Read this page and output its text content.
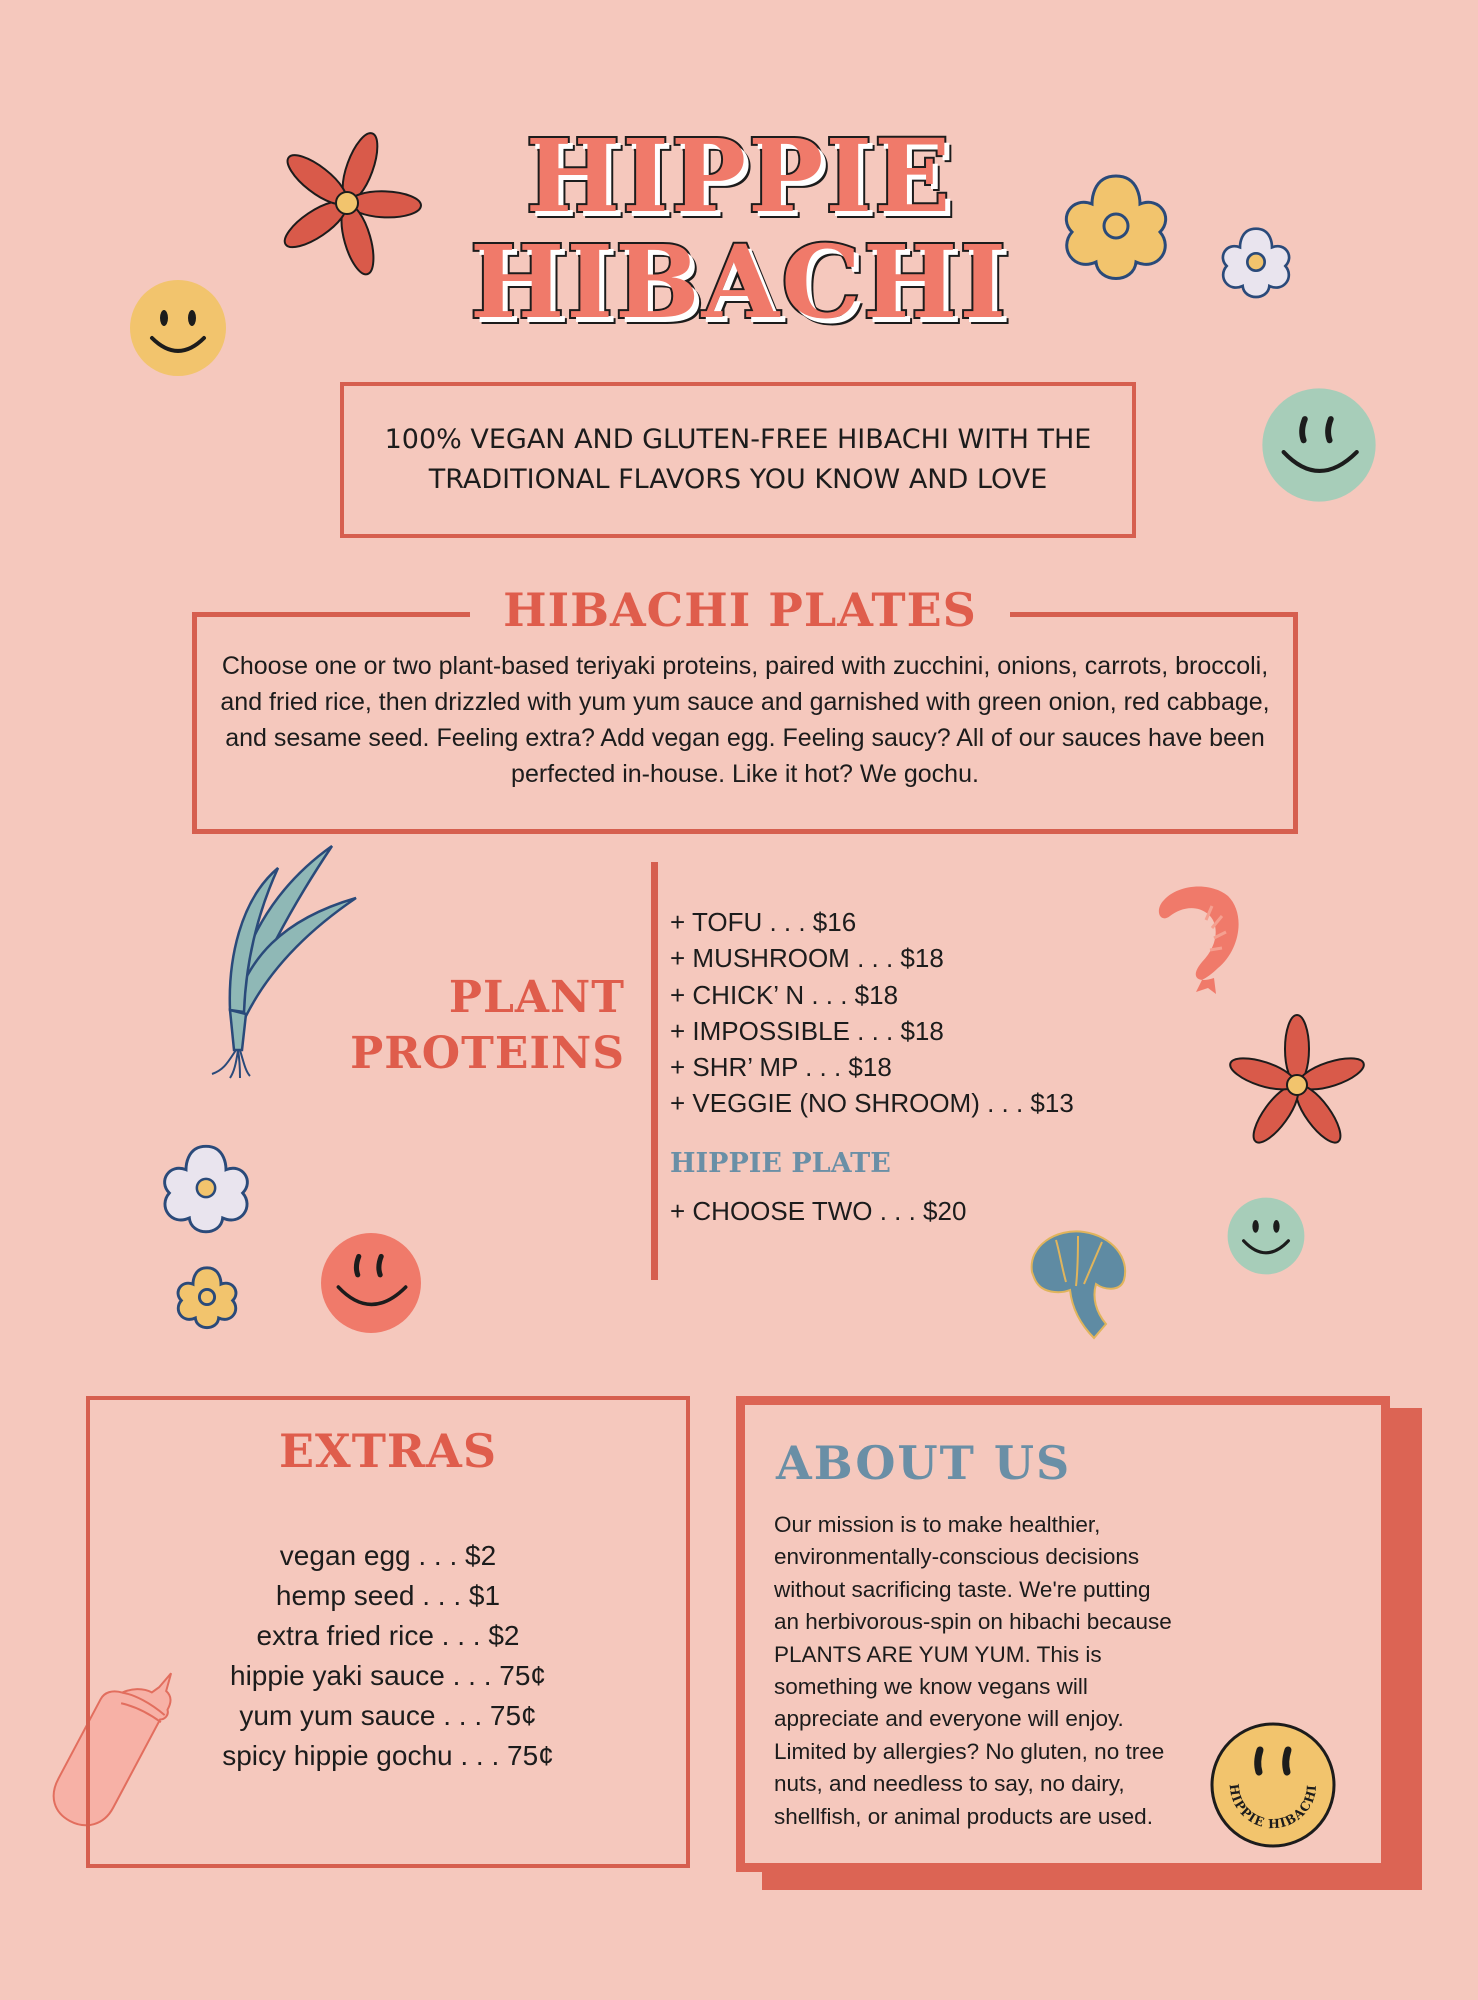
HIPPIE
HIBACHI
100% VEGAN AND GLUTEN-FREE HIBACHI WITH THE TRADITIONAL FLAVORS YOU KNOW AND LOVE
HIBACHI PLATES
Choose one or two plant-based teriyaki proteins, paired with zucchini, onions, carrots, broccoli, and fried rice, then drizzled with yum yum sauce and garnished with green onion, red cabbage, and sesame seed. Feeling extra? Add vegan egg. Feeling saucy? All of our sauces have been perfected in-house. Like it hot? We gochu.
PLANT
PROTEINS
+ TOFU . . . $16
+ MUSHROOM . . . $18
+ CHICK’ N . . . $18
+ IMPOSSIBLE . . . $18
+ SHR’ MP . . . $18
+ VEGGIE (NO SHROOM) . . . $13
HIPPIE PLATE
+ CHOOSE TWO . . . $20
EXTRAS
vegan egg . . . $2
hemp seed . . . $1
extra fried rice . . . $2
hippie yaki sauce . . . 75¢
yum yum sauce . . . 75¢
spicy hippie gochu . . . 75¢
ABOUT US
Our mission is to make healthier,
environmentally-conscious decisions
without sacrificing taste. We're putting
an herbivorous-spin on hibachi because
PLANTS ARE YUM YUM. This is
something we know vegans will
appreciate and everyone will enjoy.
Limited by allergies? No gluten, no tree
nuts, and needless to say, no dairy,
shellfish, or animal products are used.
HIPPIE HIBACHI
